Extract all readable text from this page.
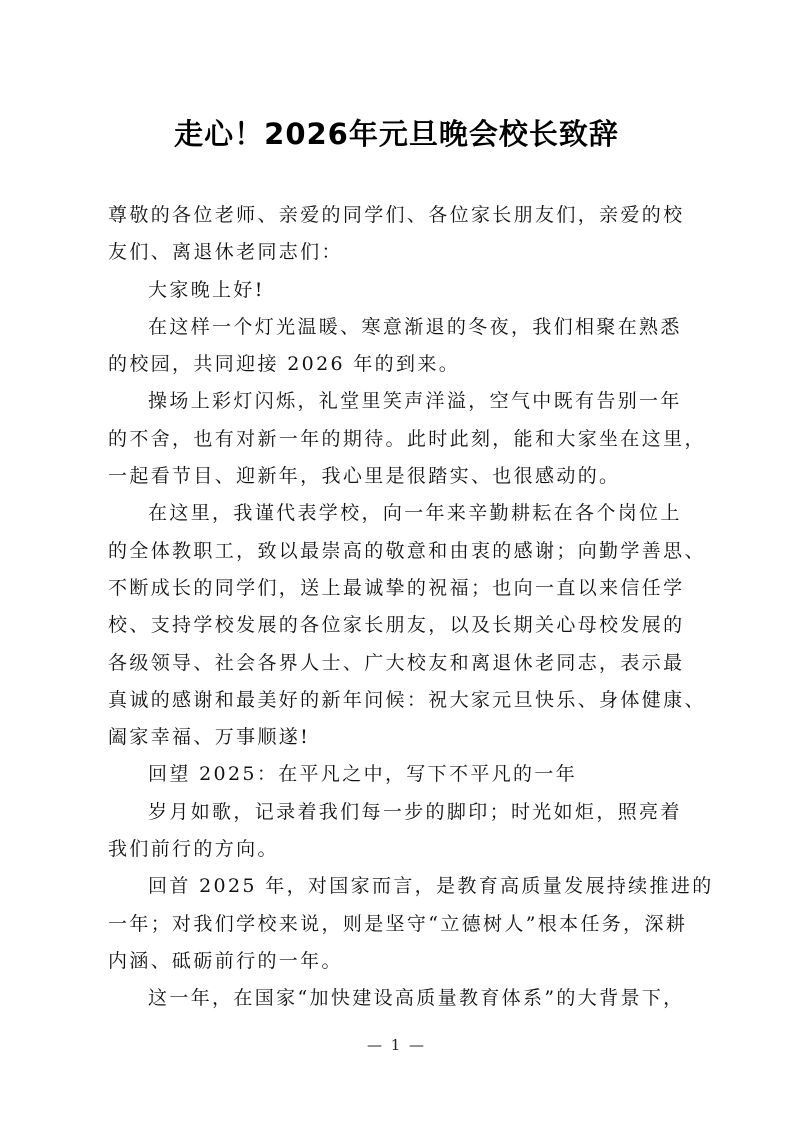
走心！2026年元旦晚会校长致辞
尊敬的各位老师、亲爱的同学们、各位家长朋友们，亲爱的校
友们、离退休老同志们：
大家晚上好!
在这样一个灯光温暖、寒意渐退的冬夜，我们相聚在熟悉
的校园，共同迎接 2026 年的到来。
操场上彩灯闪烁，礼堂里笑声洋溢，空气中既有告别一年
的不舍，也有对新一年的期待。此时此刻，能和大家坐在这里，
一起看节目、迎新年，我心里是很踏实、也很感动的。
在这里，我谨代表学校，向一年来辛勤耕耘在各个岗位上
的全体教职工，致以最崇高的敬意和由衷的感谢；向勤学善思、
不断成长的同学们，送上最诚挚的祝福；也向一直以来信任学
校、支持学校发展的各位家长朋友，以及长期关心母校发展的
各级领导、社会各界人士、广大校友和离退休老同志，表示最
真诚的感谢和最美好的新年问候：祝大家元旦快乐、身体健康、
阖家幸福、万事顺遂!
回望 2025：在平凡之中，写下不平凡的一年
岁月如歌，记录着我们每一步的脚印；时光如炬，照亮着
我们前行的方向。
回首 2025 年，对国家而言，是教育高质量发展持续推进的
一年；对我们学校来说，则是坚守“立德树人”根本任务，深耕
内涵、砥砺前行的一年。
这一年，在国家“加快建设高质量教育体系”的大背景下，
— 1 —
